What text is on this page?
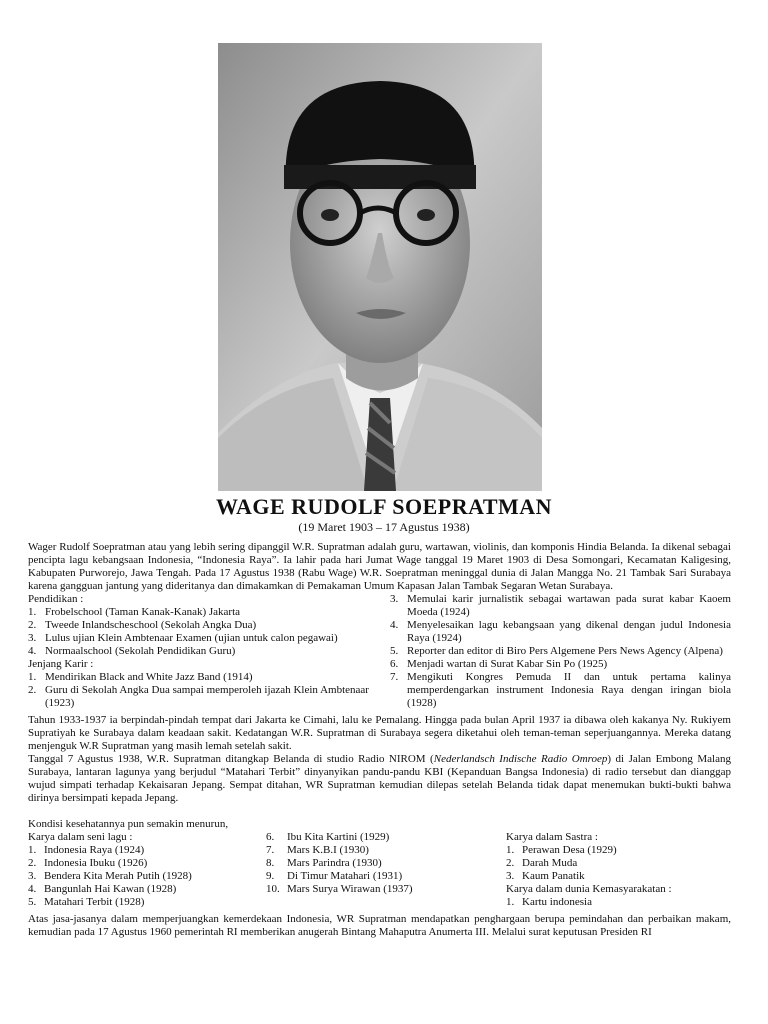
WAGE RUDOLF SOEPRATMAN
(19 Maret 1903 – 17 Agustus 1938)
Wager Rudolf Soepratman atau yang lebih sering dipanggil W.R. Supratman adalah guru, wartawan, violinis, dan komponis Hindia Belanda. Ia dikenal sebagai pencipta lagu kebangsaan Indonesia, “Indonesia Raya”. Ia lahir pada hari Jumat Wage tanggal 19 Maret 1903 di Desa Somongari, Kecamatan Kaligesing, Kabupaten Purworejo, Jawa Tengah. Pada 17 Agustus 1938 (Rabu Wage) W.R. Soepratman meninggal dunia di Jalan Mangga No. 21 Tambak Sari Surabaya karena gangguan jantung yang dideritanya dan dimakamkan di Pemakaman Umum Kapasan Jalan Tambak Segaran Wetan Surabaya.
Pendidikan :
1. Frobelschool (Taman Kanak-Kanak) Jakarta
2. Tweede Inlandscheschool (Sekolah Angka Dua)
3. Lulus ujian Klein Ambtenaar Examen (ujian untuk calon pegawai)
4. Normaalschool (Sekolah Pendidikan Guru)
Jenjang Karir :
1. Mendirikan Black and White Jazz Band (1914)
2. Guru di Sekolah Angka Dua sampai memperoleh ijazah Klein Ambtenaar (1923)
3. Memulai karir jurnalistik sebagai wartawan pada surat kabar Kaoem Moeda (1924)
4. Menyelesaikan lagu kebangsaan yang dikenal dengan judul Indonesia Raya (1924)
5. Reporter dan editor di Biro Pers Algemene Pers News Agency (Alpena)
6. Menjadi wartan di Surat Kabar Sin Po (1925)
7. Mengikuti Kongres Pemuda II dan untuk pertama kalinya memperdengarkan instrument Indonesia Raya dengan iringan biola (1928)
Tahun 1933-1937 ia berpindah-pindah tempat dari Jakarta ke Cimahi, lalu ke Pemalang. Hingga pada bulan April 1937 ia dibawa oleh kakanya Ny. Rukiyem Supratiyah ke Surabaya dalam keadaan sakit. Kedatangan W.R. Supratman di Surabaya segera diketahui oleh teman-teman seperjuangannya. Mereka datang menjenguk W.R Supratman yang masih lemah setelah sakit.
Tanggal 7 Agustus 1938, W.R. Supratman ditangkap Belanda di studio Radio NIROM (Nederlandsch Indische Radio Omroep) di Jalan Embong Malang Surabaya, lantaran lagunya yang berjudul “Matahari Terbit” dinyanyikan pandu-pandu KBI (Kepanduan Bangsa Indonesia) di radio tersebut dan dianggap wujud simpati terhadap Kekaisaran Jepang. Sempat ditahan, WR Supratman kemudian dilepas setelah Belanda tidak dapat menemukan bukti-bukti bahwa dirinya bersimpati kepada Jepang.
Kondisi kesehatannya pun semakin menurun,
Karya dalam seni lagu :
1. Indonesia Raya (1924)
2. Indonesia Ibuku (1926)
3. Bendera Kita Merah Putih (1928)
4. Bangunlah Hai Kawan (1928)
5. Matahari Terbit (1928)
6.	Ibu Kita Kartini (1929)
7.	Mars K.B.I (1930)
8.	Mars Parindra (1930)
9.	Di Timur Matahari (1931)
10. Mars Surya Wirawan (1937)
Karya dalam Sastra :
1. Perawan Desa (1929)
2. Darah Muda
3. Kaum Panatik
Karya dalam dunia Kemasyarakatan :
1. Kartu indonesia
Atas jasa-jasanya dalam memperjuangkan kemerdekaan Indonesia, WR Supratman mendapatkan penghargaan berupa pemindahan dan perbaikan makam, kemudian pada 17 Agustus 1960 pemerintah RI memberikan anugerah Bintang Mahaputra Anumerta III. Melalui surat keputusan Presiden RI
